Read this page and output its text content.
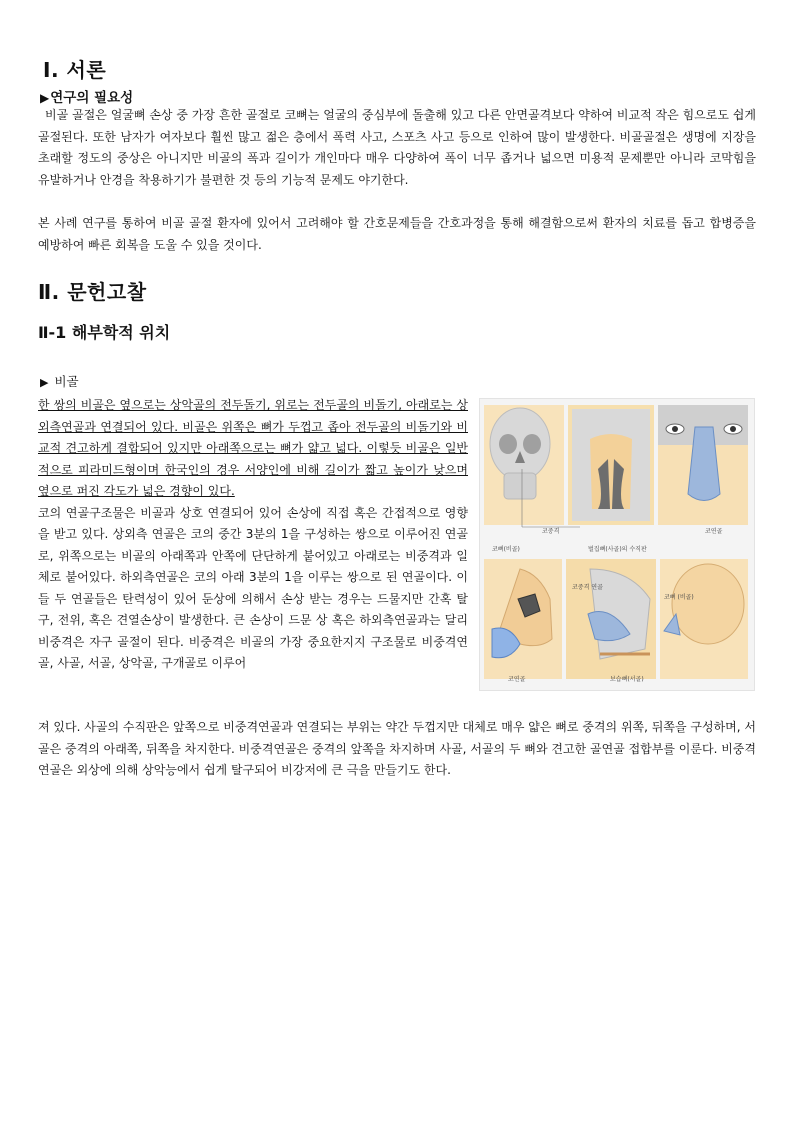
Ⅰ. 서론
▶연구의 필요성

비골 골절은 얼굴뼈 손상 중 가장 흔한 골절로 코뼈는 얼굴의 중심부에 돌출해 있고 다른 안면골격보다 약하여 비교적 작은 힘으로도 쉽게 골절된다. 또한 남자가 여자보다 훨씬 많고 젊은 층에서 폭력 사고, 스포츠 사고 등으로 인하여 많이 발생한다. 비골골절은 생명에 지장을 초래할 정도의 중상은 아니지만 비골의 폭과 길이가 개인마다 매우 다양하여 폭이 너무 좁거나 넓으면 미용적 문제뿐만 아니라 코막힘을 유발하거나 안경을 착용하기가 불편한 것 등의 기능적 문제도 야기한다.

본 사례 연구를 통하여 비골 골절 환자에 있어서 고려해야 할 간호문제들을 간호과정을 통해 해결함으로써 환자의 치료를 돕고 합병증을 예방하여 빠른 회복을 도울 수 있을 것이다.

Ⅱ. 문헌고찰
Ⅱ-1 해부학적 위치
▶ 비골

한 쌍의 비골은 옆으로는 상악골의 전두돌기, 위로는 전두골의 비돌기, 아래로는 상외측연골과 연결되어 있다. 비골은 위쪽은 뼈가 두껍고 좁아 전두골의 비돌기와 비교적 견고하게 결합되어 있지만 아래쪽으로는 뼈가 얇고 넓다. 이렇듯 비골은 일반적으로 피라미드형이며 한국인의 경우 서양인에 비해 길이가 짧고 높이가 낮으며 옆으로 퍼진 각도가 넓은 경향이 있다.
코의 연골구조물은 비골과 상호 연결되어 있어 손상에 직접 혹은 간접적으로 영향을 받고 있다. 상외측 연골은 코의 중간 3분의 1을 구성하는 쌍으로 이루어진 연골로, 위쪽으로는 비골의 아래쪽과 안쪽에 단단하게 붙어있고 아래로는 비중격과 일체로 붙어있다. 하외측연골은 코의 아래 3분의 1을 이루는 쌍으로 된 연골이다. 이들 두 연골들은 탄력성이 있어 둔상에 의해서 손상 받는 경우는 드물지만 간혹 탈구, 전위, 혹은 견열손상이 발생한다. 큰 손상이 드문 상 혹은 하외측연골과는 달리 비중격은 자구 골절이 된다. 비중격은 비골의 가장 중요한지지 구조물로 비중격연골, 사골, 서골, 상악골, 구개골로 이루어

져 있다. 사골의 수직판은 앞쪽으로 비중격연골과 연결되는 부위는 약간 두껍지만 대체로 매우 얇은 뼈로 중격의 위쪽, 뒤쪽을 구성하며, 서골은 중격의 아래쪽, 뒤쪽을 차지한다. 비중격연골은 중격의 앞쪽을 차지하며 사골, 서골의 두 뼈와 견고한 골연골 접합부를 이룬다. 비중격연골은 외상에 의해 상악능에서 쉽게 탈구되어 비강저에 큰 극을 만들기도 한다.

코중격
코뼈(비골)
코연골
벌집뼈(사골)의 수직판
코연골
코중격 연골
보습뼈(서골)
코뼈 (비골)
